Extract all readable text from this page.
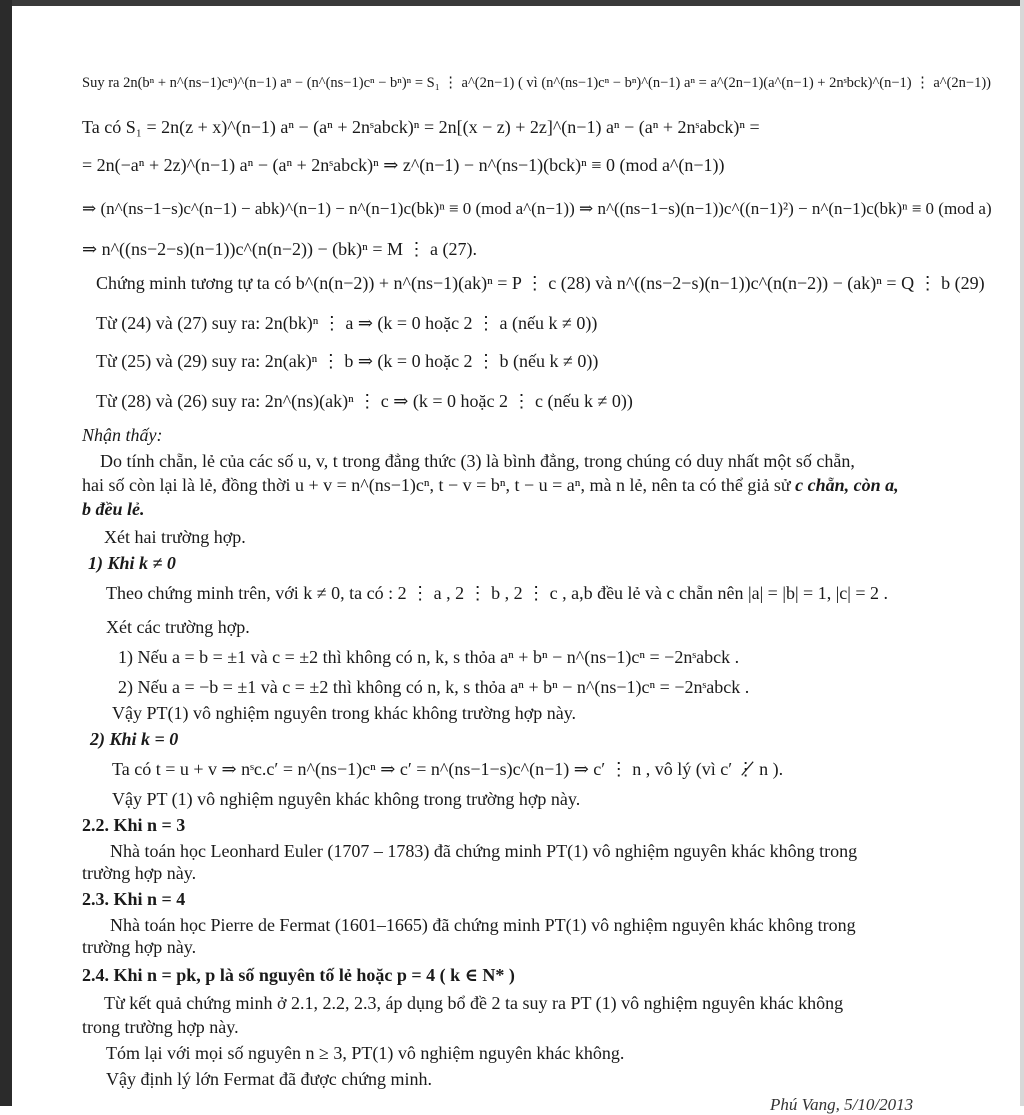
Suy ra 2n(bⁿ + n^(ns−1)cⁿ)^(n−1) aⁿ − (n^(ns−1)cⁿ − bⁿ)ⁿ = S₁ ⋮ a^(2n−1) ( vì (n^(ns−1)cⁿ − bⁿ)^(n−1) aⁿ = a^(2n−1)(a^(n−1) + 2nˢbck)^(n−1) ⋮ a^(2n−1))
Ta có S₁ = 2n(z + x)^(n−1) aⁿ − (aⁿ + 2nˢabck)ⁿ = 2n[(x − z) + 2z]^(n−1) aⁿ − (aⁿ + 2nˢabck)ⁿ =
= 2n(−aⁿ + 2z)^(n−1) aⁿ − (aⁿ + 2nˢabck)ⁿ ⇒ z^(n−1) − n^(ns−1)(bck)ⁿ ≡ 0 (mod a^(n−1))
⇒ (n^(ns−1−s)c^(n−1) − abk)^(n−1) − n^(n−1)c(bk)ⁿ ≡ 0 (mod a^(n−1)) ⇒ n^((ns−1−s)(n−1))c^((n−1)²) − n^(n−1)c(bk)ⁿ ≡ 0 (mod a)
⇒ n^((ns−2−s)(n−1))c^(n(n−2)) − (bk)ⁿ = M ⋮ a (27).
Chứng minh tương tự ta có b^(n(n−2)) + n^(ns−1)(ak)ⁿ = P ⋮ c (28) và n^((ns−2−s)(n−1))c^(n(n−2)) − (ak)ⁿ = Q ⋮ b (29)
Từ (24) và (27) suy ra: 2n(bk)ⁿ ⋮ a ⇒ (k = 0 hoặc 2 ⋮ a (nếu k ≠ 0))
Từ (25) và (29) suy ra: 2n(ak)ⁿ ⋮ b ⇒ (k = 0 hoặc 2 ⋮ b (nếu k ≠ 0))
Từ (28) và (26) suy ra: 2n^(ns)(ak)ⁿ ⋮ c ⇒ (k = 0 hoặc 2 ⋮ c (nếu k ≠ 0))
Nhận thấy:
Do tính chẵn, lẻ của các số u, v, t trong đẳng thức (3) là bình đẳng, trong chúng có duy nhất một số chẵn,
hai số còn lại là lẻ, đồng thời u + v = n^(ns−1)cⁿ, t − v = bⁿ, t − u = aⁿ, mà n lẻ, nên ta có thể giả sử c chẵn, còn a,
b đều lẻ.
Xét hai trường hợp.
1) Khi k ≠ 0
Theo chứng minh trên, với k ≠ 0, ta có : 2 ⋮ a , 2 ⋮ b , 2 ⋮ c , a,b đều lẻ và c chẵn nên |a| = |b| = 1, |c| = 2 .
Xét các trường hợp.
1) Nếu a = b = ±1 và c = ±2 thì không có n, k, s thỏa aⁿ + bⁿ − n^(ns−1)cⁿ = −2nˢabck .
2) Nếu a = −b = ±1 và c = ±2 thì không có n, k, s thỏa aⁿ + bⁿ − n^(ns−1)cⁿ = −2nˢabck .
Vậy PT(1) vô nghiệm nguyên trong khác không trường hợp này.
2) Khi k = 0
Ta có t = u + v ⇒ nˢc.c′ = n^(ns−1)cⁿ ⇒ c′ = n^(ns−1−s)c^(n−1) ⇒ c′ ⋮ n , vô lý (vì c′ ⋮̸ n ).
Vậy PT (1) vô nghiệm nguyên khác không trong trường hợp này.
2.2. Khi n = 3
Nhà toán học Leonhard Euler (1707 – 1783) đã chứng minh PT(1) vô nghiệm nguyên khác không trong
trường hợp này.
2.3. Khi n = 4
Nhà toán học Pierre de Fermat (1601–1665) đã chứng minh PT(1) vô nghiệm nguyên khác không trong
trường hợp này.
2.4. Khi n = pk, p là số nguyên tố lẻ hoặc p = 4 ( k ∈ N* )
Từ kết quả chứng minh ở 2.1, 2.2, 2.3, áp dụng bổ đề 2 ta suy ra PT (1) vô nghiệm nguyên khác không
trong trường hợp này.
Tóm lại với mọi số nguyên n ≥ 3, PT(1) vô nghiệm nguyên khác không.
Vậy định lý lớn Fermat đã được chứng minh.
Phú Vang, 5/10/2013
